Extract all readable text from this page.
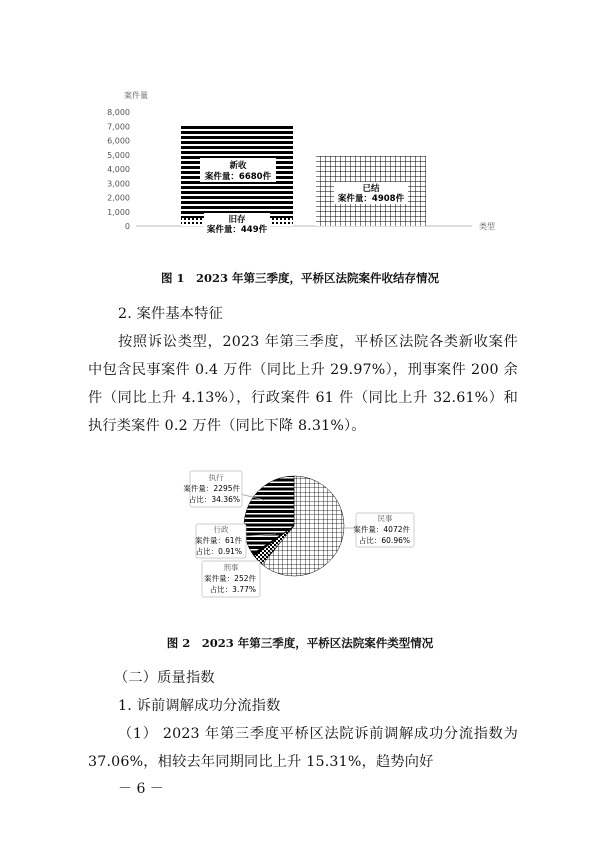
案件量
0
1,000
2,000
3,000
4,000
5,000
6,000
7,000
8,000
类型
新收
案件量：6680件
旧存
案件量：449件
已结
案件量：4908件
图 1　2023 年第三季度，平桥区法院案件收结存情况
2. 案件基本特征
按照诉讼类型，2023 年第三季度，平桥区法院各类新收案件中包含民事案件 0.4 万件（同比上升 29.97%），刑事案件 200 余件（同比上升 4.13%），行政案件 61 件（同比上升 32.61%）和执行类案件 0.2 万件（同比下降 8.31%）。
执行
案件量：2295件
占比：34.36%
行政
案件量：61件
占比：0.91%
刑事
案件量：252件
占比：3.77%
民事
案件量：4072件
占比：60.96%
图 2　2023 年第三季度，平桥区法院案件类型情况
（二）质量指数
1. 诉前调解成功分流指数
（1） 2023 年第三季度平桥区法院诉前调解成功分流指数为 37.06%，相较去年同期同比上升 15.31%，趋势向好
－ 6 －
